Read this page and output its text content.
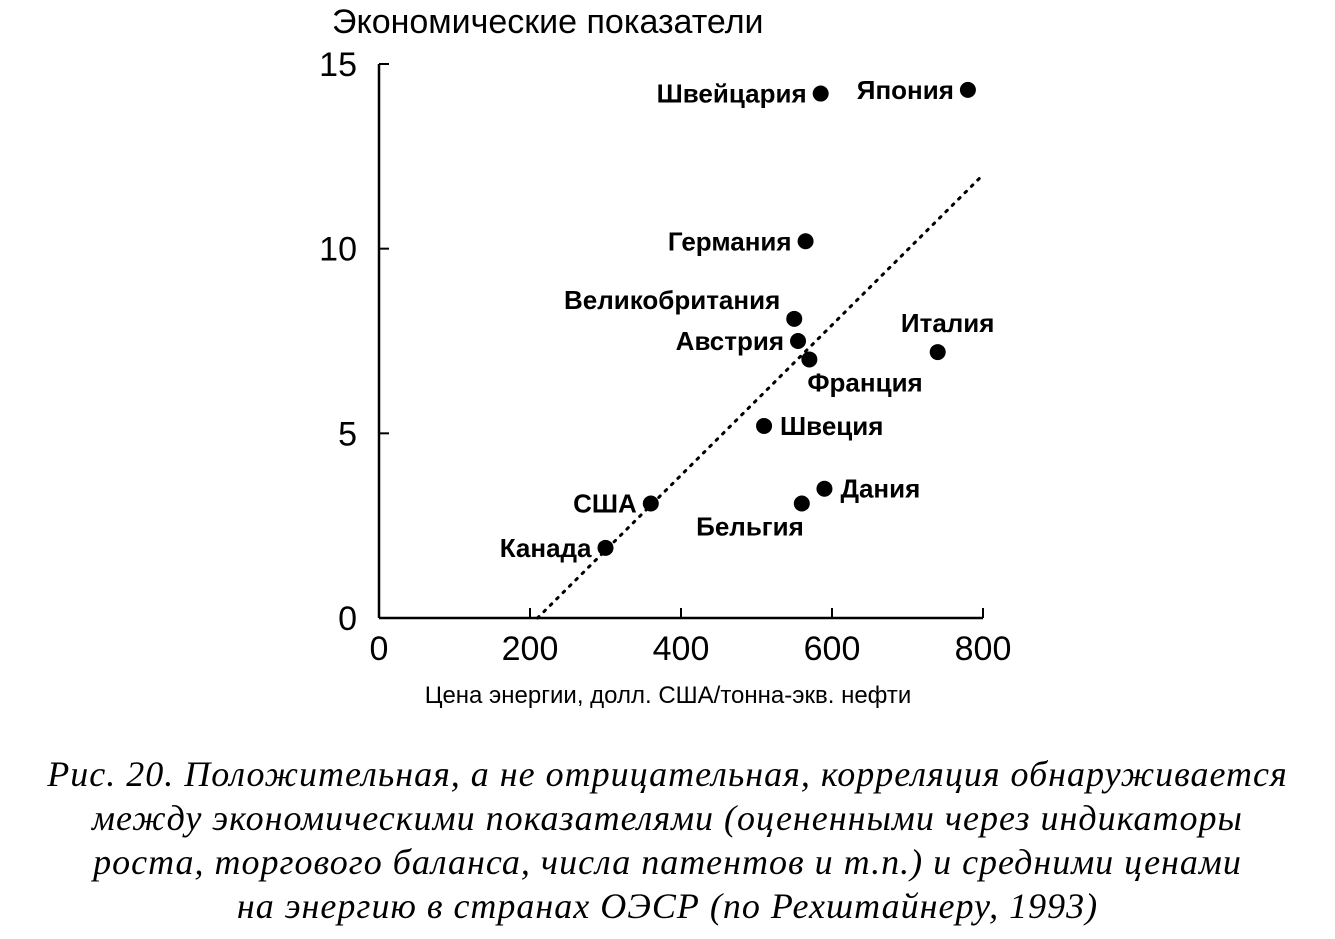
Экономические показатели
0	200	400	600	800
0
5
10
15
Швейцария Япония
Германия
Великобритания
Австрия
Франция
Италия
Швеция
Дания
Бельгия
США
Канада
Цена энергии, долл. США/тонна-экв. нефти
Рис. 20. Положительная, а не отрицательная, корреляция обнаруживается
между экономическими показателями (оцененными через индикаторы
роста, торгового баланса, числа патентов и т.п.) и средними ценами
на энергию в странах ОЭСР (по Рехштайнеру, 1993)
